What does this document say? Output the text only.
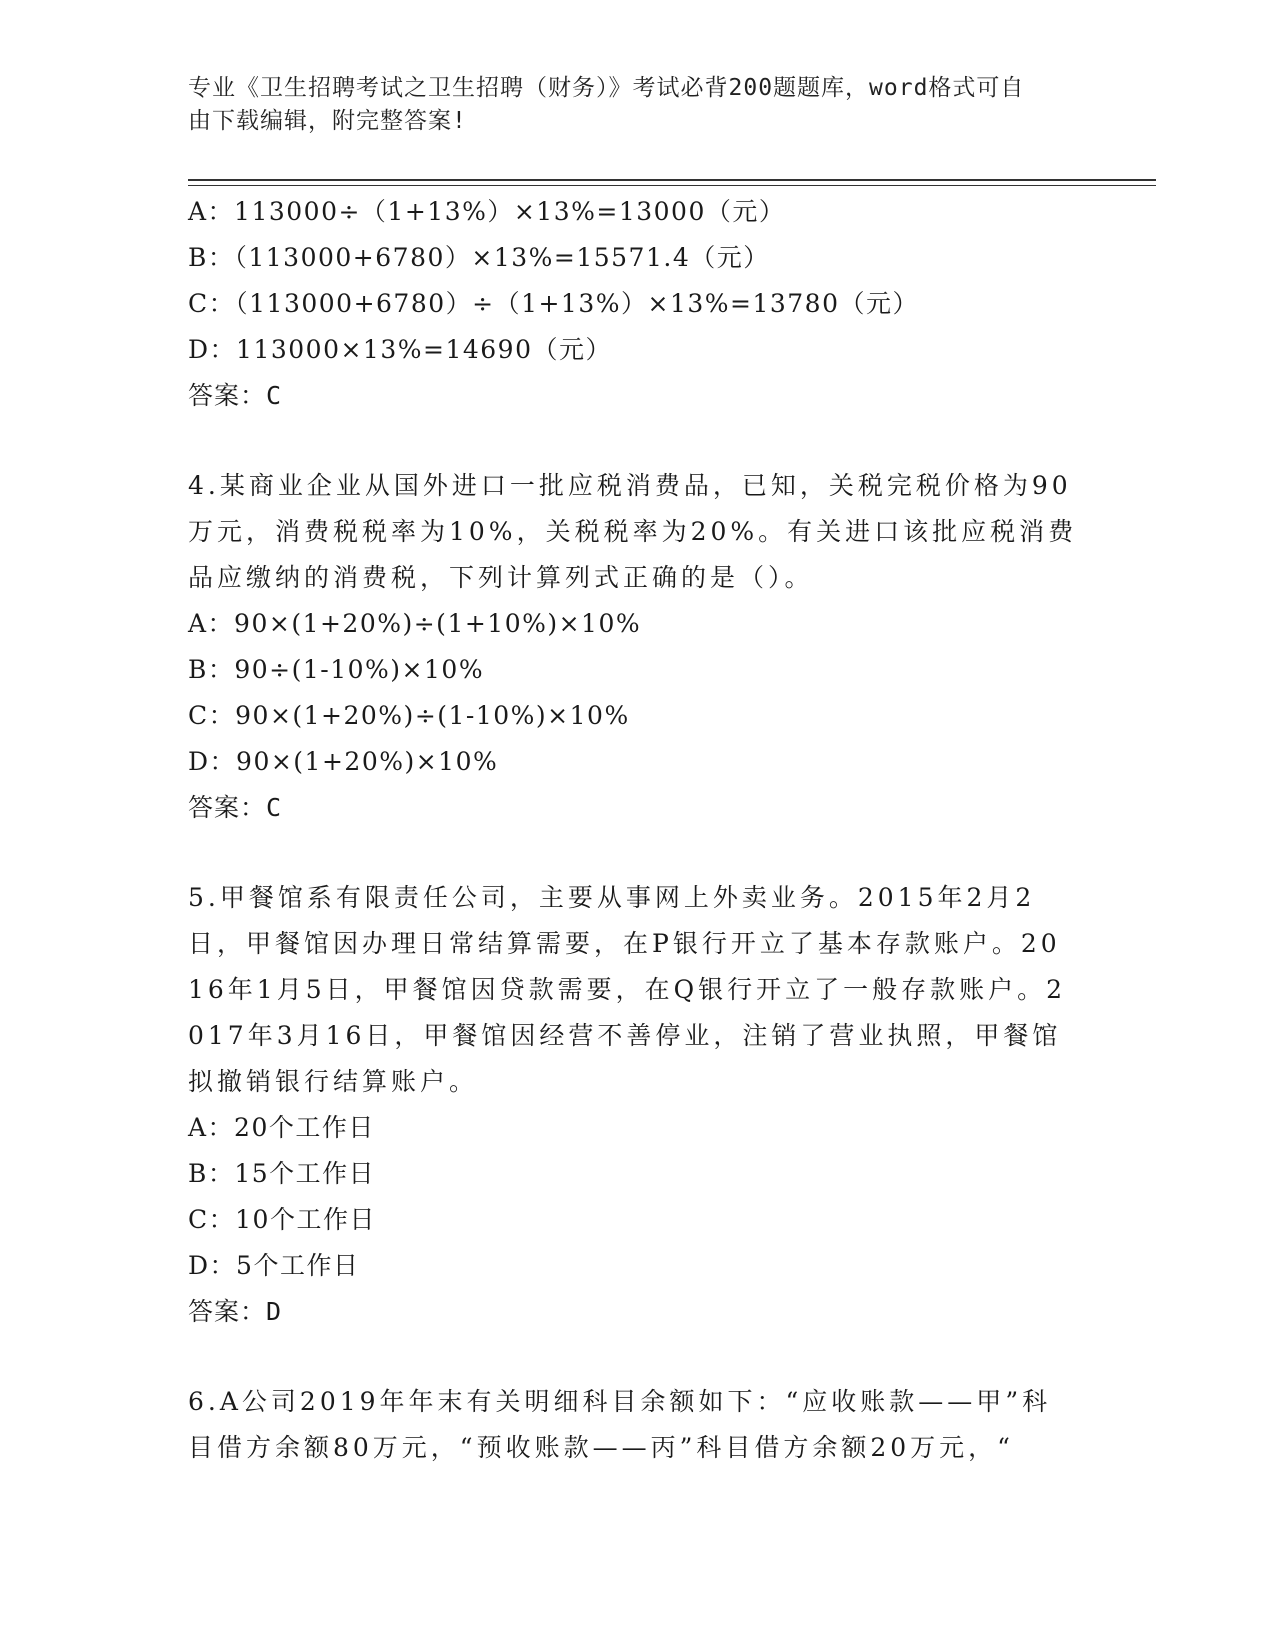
专业《卫生招聘考试之卫生招聘（财务）》考试必背200题题库，word格式可自
由下载编辑，附完整答案!
A：113000÷（1+13%）×13%=13000（元）
B：（113000+6780）×13%=15571.4（元）
C：（113000+6780）÷（1+13%）×13%=13780（元）
D：113000×13%=14690（元）
答案：C
4.某商业企业从国外进口一批应税消费品，已知，关税完税价格为90万元，消费税税率为10%，关税税率为20%。有关进口该批应税消费品应缴纳的消费税，下列计算列式正确的是（）。
A：90×(1+20%)÷(1+10%)×10%
B：90÷(1-10%)×10%
C：90×(1+20%)÷(1-10%)×10%
D：90×(1+20%)×10%
答案：C
5.甲餐馆系有限责任公司，主要从事网上外卖业务。2015年2月2日，甲餐馆因办理日常结算需要，在P银行开立了基本存款账户。2016年1月5日，甲餐馆因贷款需要，在Q银行开立了一般存款账户。2017年3月16日，甲餐馆因经营不善停业，注销了营业执照，甲餐馆拟撤销银行结算账户。
A：20个工作日
B：15个工作日
C：10个工作日
D：5个工作日
答案：D
6.A公司2019年年末有关明细科目余额如下：“应收账款——甲”科目借方余额80万元，“预收账款——丙”科目借方余额20万元，“
